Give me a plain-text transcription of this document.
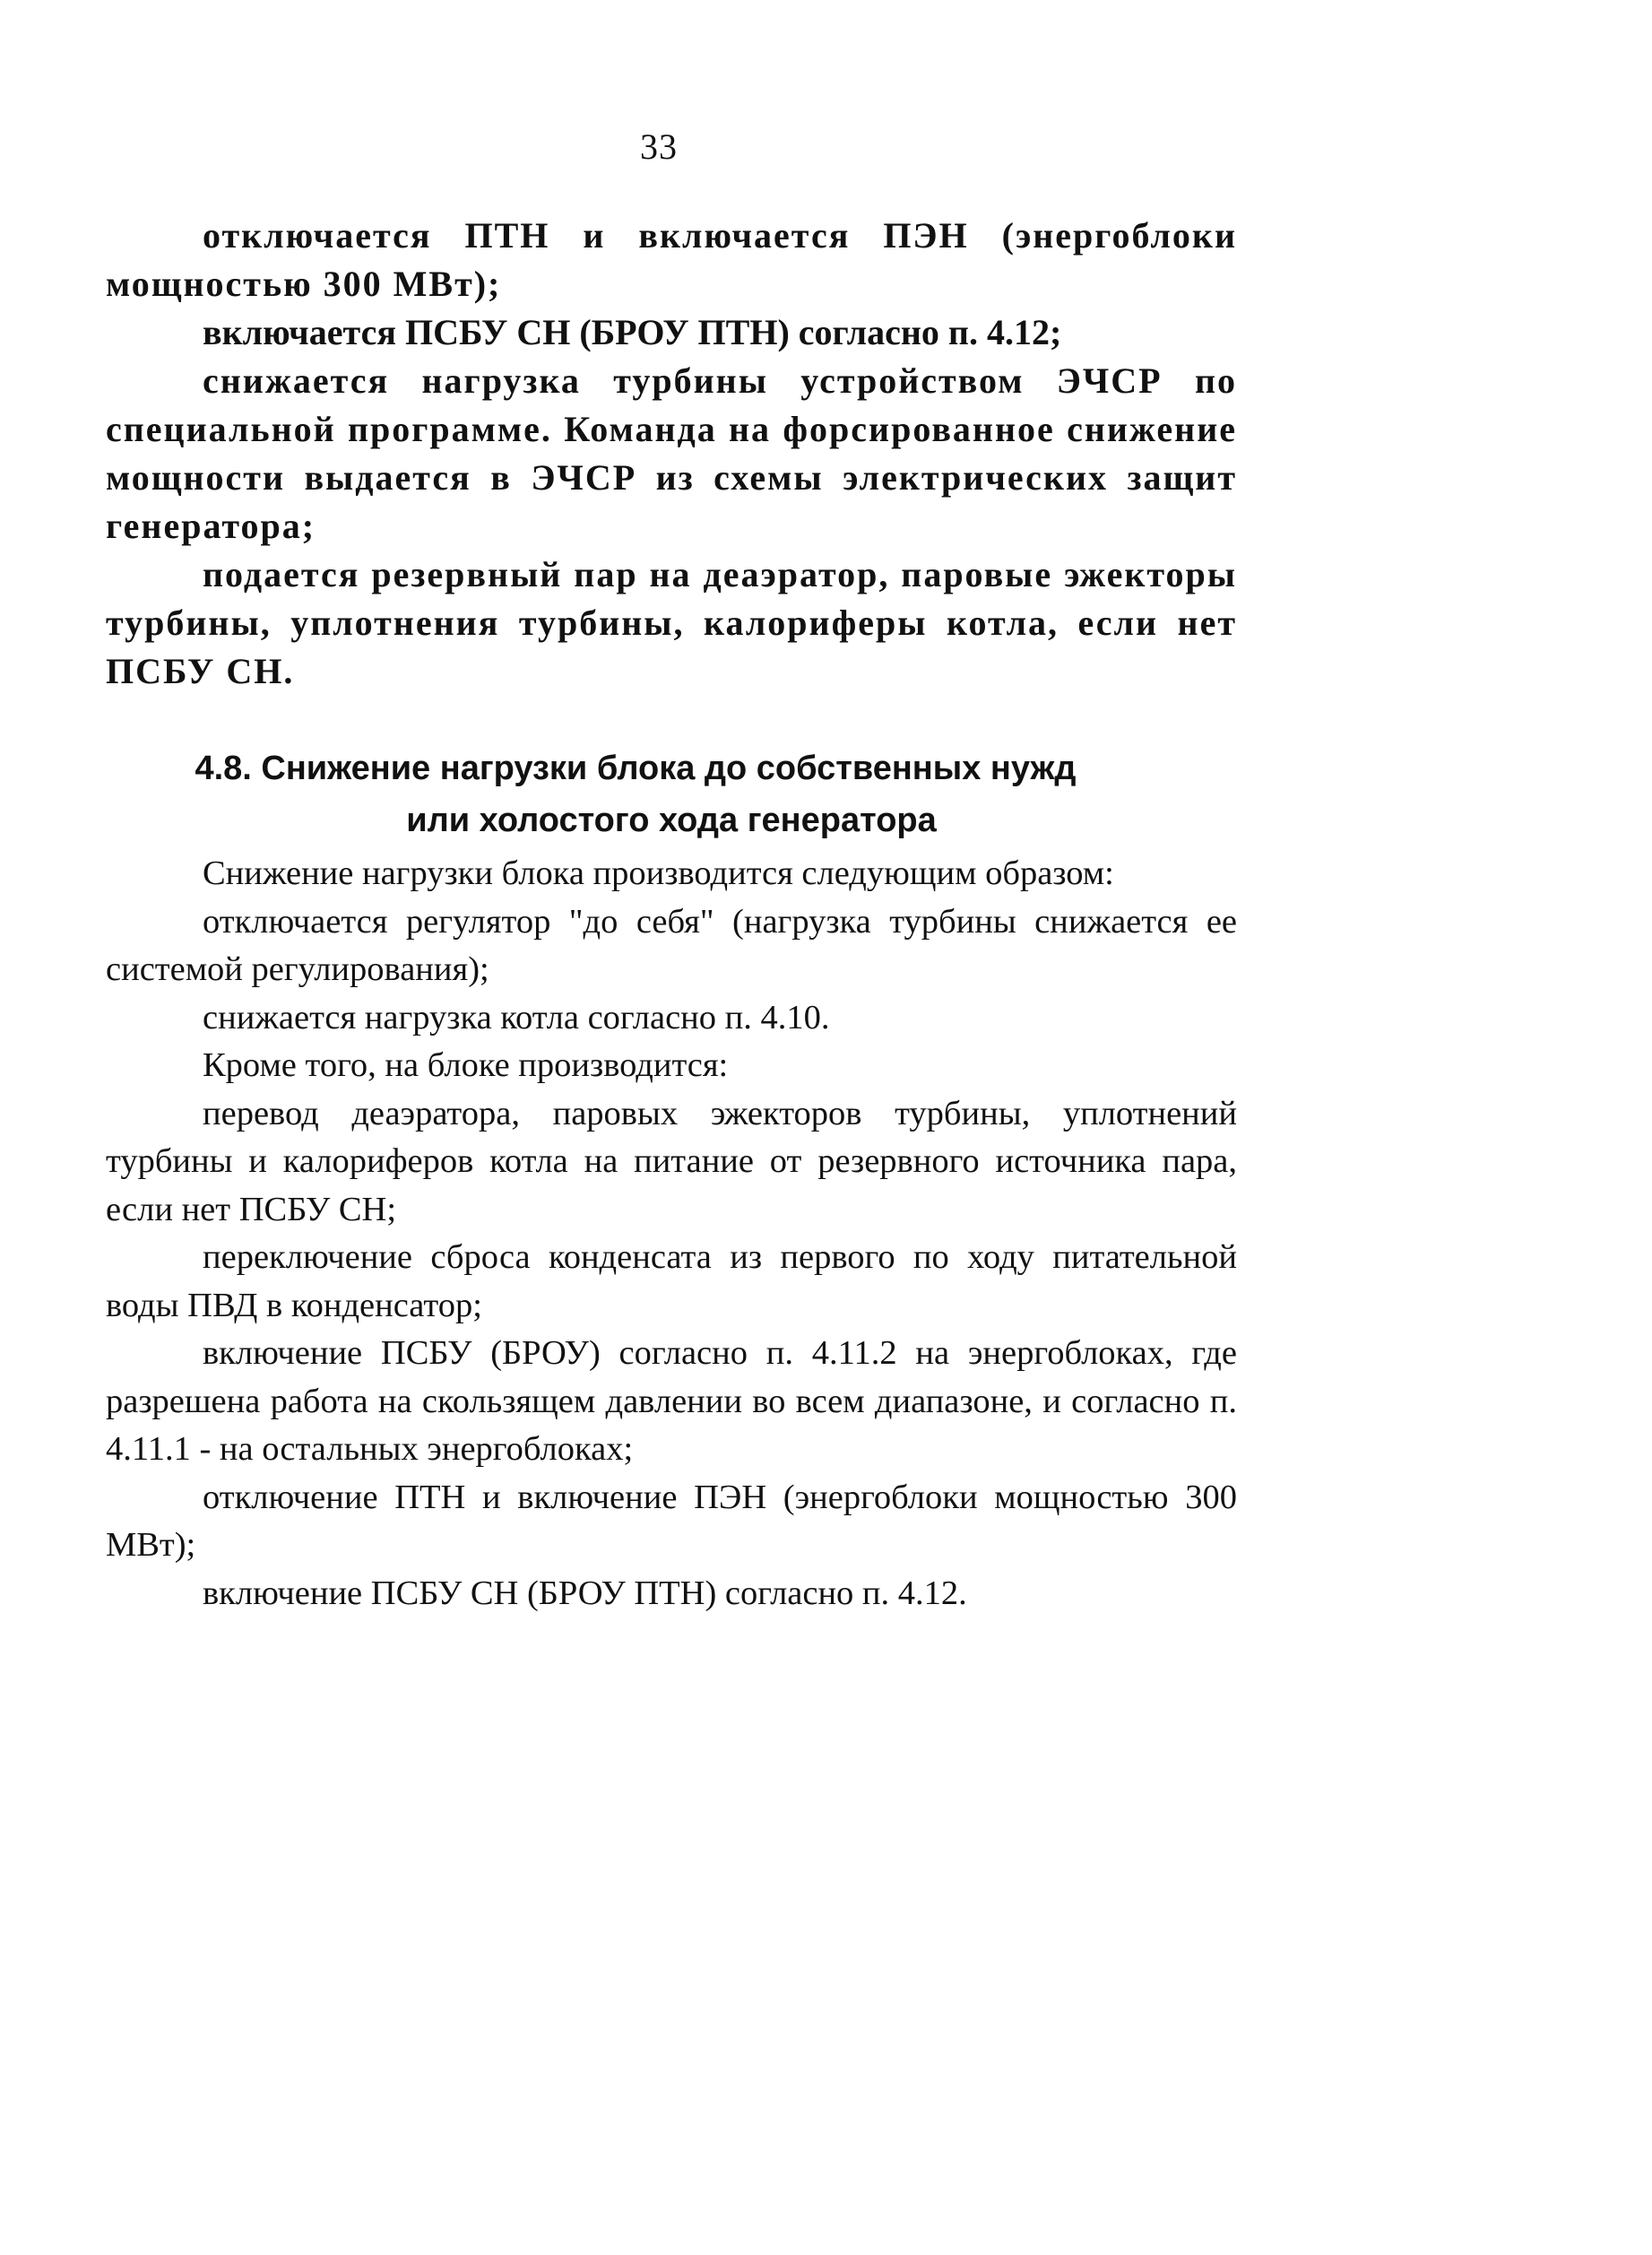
33

отключается ПТН и включается ПЭН (энергоблоки мощностью 300 МВт);

включается ПСБУ СН (БРОУ ПТН) согласно п. 4.12;

снижается нагрузка турбины устройством ЭЧСР по специальной программе. Команда на форсированное снижение мощности выдается в ЭЧСР из схемы электрических защит генератора;

подается резервный пар на деаэратор, паровые эжекторы турбины, уплотнения турбины, калориферы котла, если нет ПСБУ СН.

4.8. Снижение нагрузки блока до собственных нужд
или холостого хода генератора

Снижение нагрузки блока производится следующим образом:

отключается регулятор "до себя" (нагрузка турбины снижается ее системой регулирования);

снижается нагрузка котла согласно п. 4.10.

Кроме того, на блоке производится:

перевод деаэратора, паровых эжекторов турбины, уплотнений турбины и калориферов котла на питание от резервного источника пара, если нет ПСБУ СН;

переключение сброса конденсата из первого по ходу питательной воды ПВД в конденсатор;

включение ПСБУ (БРОУ) согласно п. 4.11.2 на энергоблоках, где разрешена работа на скользящем давлении во всем диапазоне, и согласно п. 4.11.1 - на остальных энергоблоках;

отключение ПТН и включение ПЭН (энергоблоки мощностью 300 МВт);

включение ПСБУ СН (БРОУ ПТН) согласно п. 4.12.
